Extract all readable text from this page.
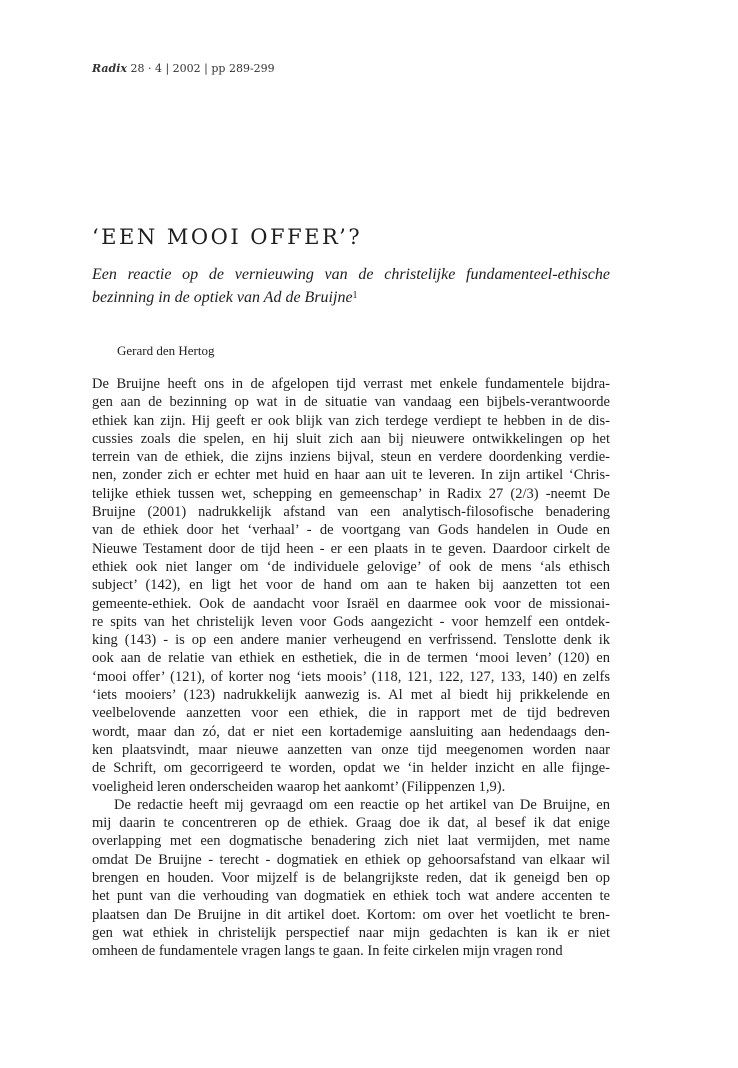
Radix 28 · 4 | 2002 | pp 289-299
‘EEN MOOI OFFER’?
Een reactie op de vernieuwing van de christelijke fundamenteel-ethische bezinning in de optiek van Ad de Bruijne$^1$
Gerard den Hertog
De Bruijne heeft ons in de afgelopen tijd verrast met enkele fundamentele bijdra-
gen aan de bezinning op wat in de situatie van vandaag een bijbels-verantwoorde
ethiek kan zijn. Hij geeft er ook blijk van zich terdege verdiept te hebben in de dis-
cussies zoals die spelen, en hij sluit zich aan bij nieuwere ontwikkelingen op het
terrein van de ethiek, die zijns inziens bijval, steun en verdere doordenking verdie-
nen, zonder zich er echter met huid en haar aan uit te leveren. In zijn artikel ‘Chris-
telijke ethiek tussen wet, schepping en gemeenschap’ in Radix 27 (2/3) -neemt De
Bruijne (2001) nadrukkelijk afstand van een analytisch-filosofische benadering
van de ethiek door het ‘verhaal’ - de voortgang van Gods handelen in Oude en
Nieuwe Testament door de tijd heen - er een plaats in te geven. Daardoor cirkelt de
ethiek ook niet langer om ‘de individuele gelovige’ of ook de mens ‘als ethisch
subject’ (142), en ligt het voor de hand om aan te haken bij aanzetten tot een
gemeente-ethiek. Ook de aandacht voor Israël en daarmee ook voor de missionai-
re spits van het christelijk leven voor Gods aangezicht - voor hemzelf een ontdek-
king (143) - is op een andere manier verheugend en verfrissend. Tenslotte denk ik
ook aan de relatie van ethiek en esthetiek, die in de termen ‘mooi leven’ (120) en
‘mooi offer’ (121), of korter nog ‘iets moois’ (118, 121, 122, 127, 133, 140) en zelfs
‘iets mooiers’ (123) nadrukkelijk aanwezig is. Al met al biedt hij prikkelende en
veelbelovende aanzetten voor een ethiek, die in rapport met de tijd bedreven
wordt, maar dan zó, dat er niet een kortademige aansluiting aan hedendaags den-
ken plaatsvindt, maar nieuwe aanzetten van onze tijd meegenomen worden naar
de Schrift, om gecorrigeerd te worden, opdat we ‘in helder inzicht en alle fijnge-
voeligheid leren onderscheiden waarop het aankomt’ (Filippenzen 1,9).
De redactie heeft mij gevraagd om een reactie op het artikel van De Bruijne, en
mij daarin te concentreren op de ethiek. Graag doe ik dat, al besef ik dat enige
overlapping met een dogmatische benadering zich niet laat vermijden, met name
omdat De Bruijne - terecht - dogmatiek en ethiek op gehoorsafstand van elkaar wil
brengen en houden. Voor mijzelf is de belangrijkste reden, dat ik geneigd ben op
het punt van die verhouding van dogmatiek en ethiek toch wat andere accenten te
plaatsen dan De Bruijne in dit artikel doet. Kortom: om over het voetlicht te bren-
gen wat ethiek in christelijk perspectief naar mijn gedachten is kan ik er niet
omheen de fundamentele vragen langs te gaan. In feite cirkelen mijn vragen rond
